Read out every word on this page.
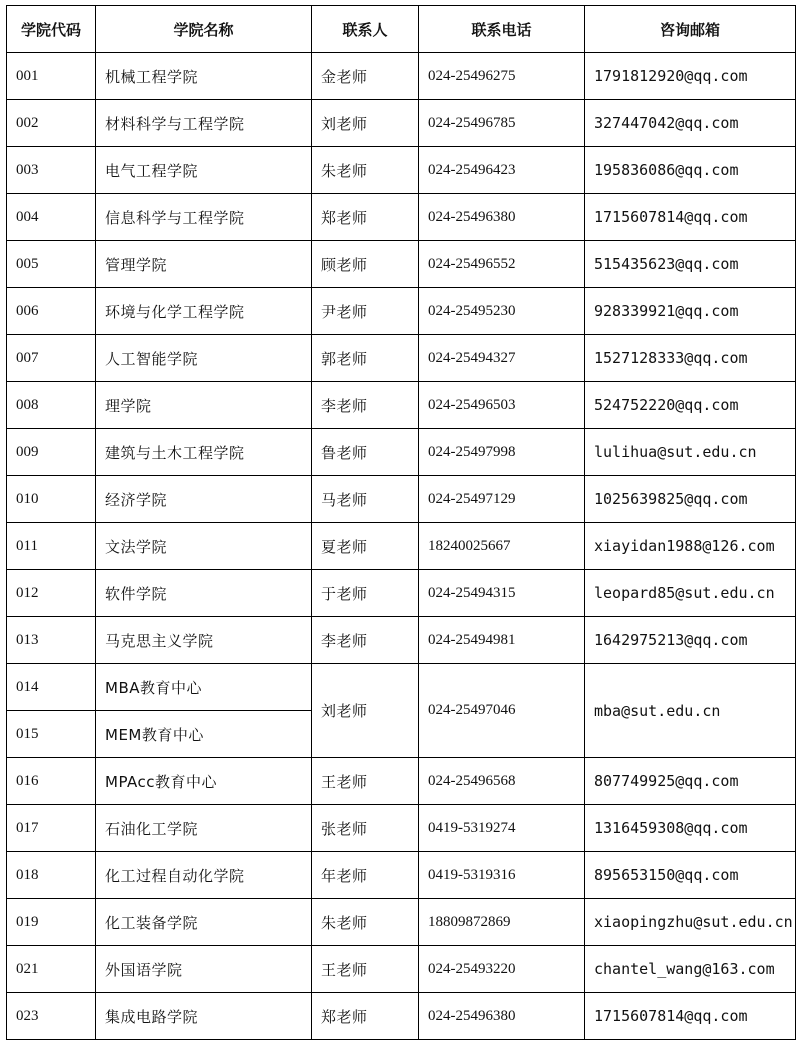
学院代码	学院名称	联系人	联系电话	咨询邮箱
001	机械工程学院	金老师	024-25496275	1791812920@qq.com
002	材料科学与工程学院	刘老师	024-25496785	327447042@qq.com
003	电气工程学院	朱老师	024-25496423	195836086@qq.com
004	信息科学与工程学院	郑老师	024-25496380	1715607814@qq.com
005	管理学院	顾老师	024-25496552	515435623@qq.com
006	环境与化学工程学院	尹老师	024-25495230	928339921@qq.com
007	人工智能学院	郭老师	024-25494327	1527128333@qq.com
008	理学院	李老师	024-25496503	524752220@qq.com
009	建筑与土木工程学院	鲁老师	024-25497998	lulihua@sut.edu.cn
010	经济学院	马老师	024-25497129	1025639825@qq.com
011	文法学院	夏老师	18240025667	xiayidan1988@126.com
012	软件学院	于老师	024-25494315	leopard85@sut.edu.cn
013	马克思主义学院	李老师	024-25494981	1642975213@qq.com
014	MBA教育中心	刘老师	024-25497046	mba@sut.edu.cn
015	MEM教育中心			
016	MPAcc教育中心	王老师	024-25496568	807749925@qq.com
017	石油化工学院	张老师	0419-5319274	1316459308@qq.com
018	化工过程自动化学院	年老师	0419-5319316	895653150@qq.com
019	化工装备学院	朱老师	18809872869	xiaopingzhu@sut.edu.cn
021	外国语学院	王老师	024-25493220	chantel_wang@163.com
023	集成电路学院	郑老师	024-25496380	1715607814@qq.com
